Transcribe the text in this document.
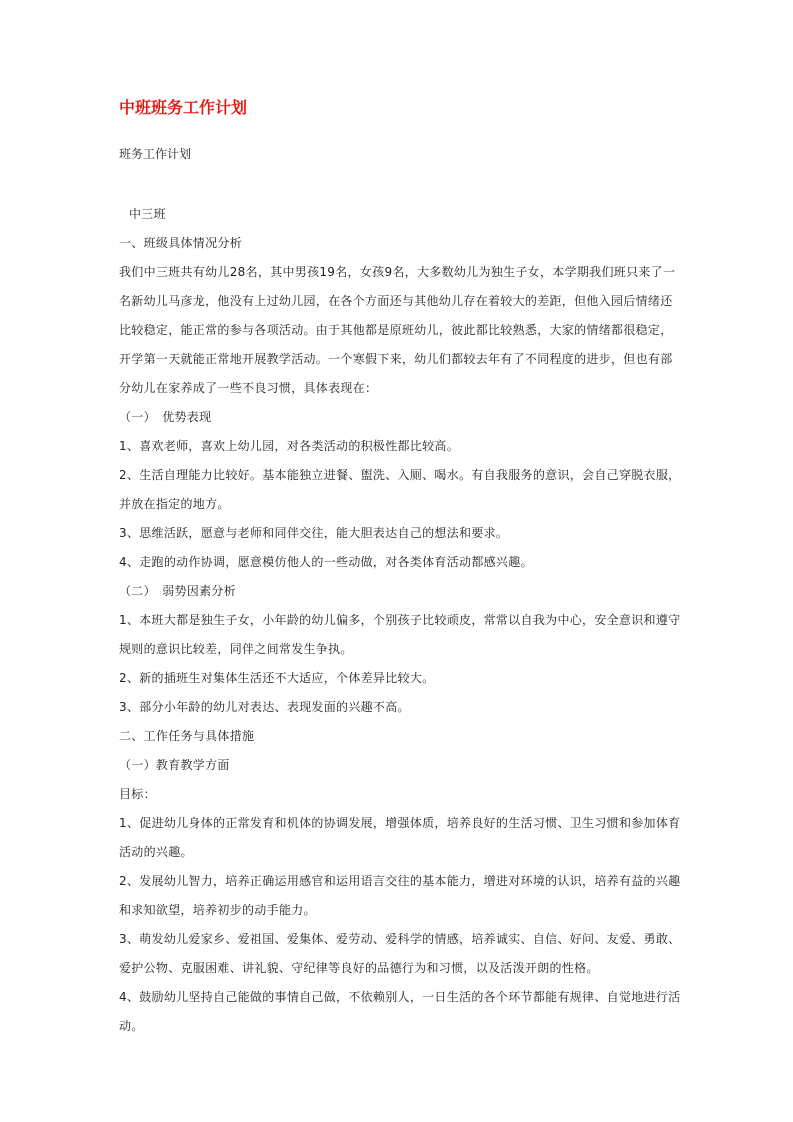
中班班务工作计划
班务工作计划

中三班

一、班级具体情况分析

我们中三班共有幼儿28名，其中男孩19名，女孩9名，大多数幼儿为独生子女，本学期我们班只来了一名新幼儿马彦龙，他没有上过幼儿园，在各个方面还与其他幼儿存在着较大的差距，但他入园后情绪还比较稳定，能正常的参与各项活动。由于其他都是原班幼儿，彼此都比较熟悉，大家的情绪都很稳定，开学第一天就能正常地开展教学活动。一个寒假下来，幼儿们都较去年有了不同程度的进步，但也有部分幼儿在家养成了一些不良习惯，具体表现在：

（一）　优势表现

1、喜欢老师，喜欢上幼儿园，对各类活动的积极性都比较高。

2、生活自理能力比较好。基本能独立进餐、盥洗、入厕、喝水。有自我服务的意识，会自己穿脱衣服，并放在指定的地方。

3、思维活跃，愿意与老师和同伴交往，能大胆表达自己的想法和要求。

4、走跑的动作协调，愿意模仿他人的一些动做，对各类体育活动都感兴趣。

（二）　弱势因素分析

1、本班大都是独生子女，小年龄的幼儿偏多，个别孩子比较顽皮，常常以自我为中心，安全意识和遵守规则的意识比较差，同伴之间常发生争执。

2、新的插班生对集体生活还不大适应，个体差异比较大。

3、部分小年龄的幼儿对表达、表现发面的兴趣不高。

二、工作任务与具体措施

（一）教育教学方面

目标：

1、促进幼儿身体的正常发育和机体的协调发展，增强体质，培养良好的生活习惯、卫生习惯和参加体育活动的兴趣。

2、发展幼儿智力，培养正确运用感官和运用语言交往的基本能力，增进对环境的认识，培养有益的兴趣和求知欲望，培养初步的动手能力。

3、萌发幼儿爱家乡、爱祖国、爱集体、爱劳动、爱科学的情感，培养诚实、自信、好问、友爱、勇敢、爱护公物、克服困难、讲礼貌、守纪律等良好的品德行为和习惯，以及活泼开朗的性格。

4、鼓励幼儿坚持自己能做的事情自己做，不依赖别人，一日生活的各个环节都能有规律、自觉地进行活动。
